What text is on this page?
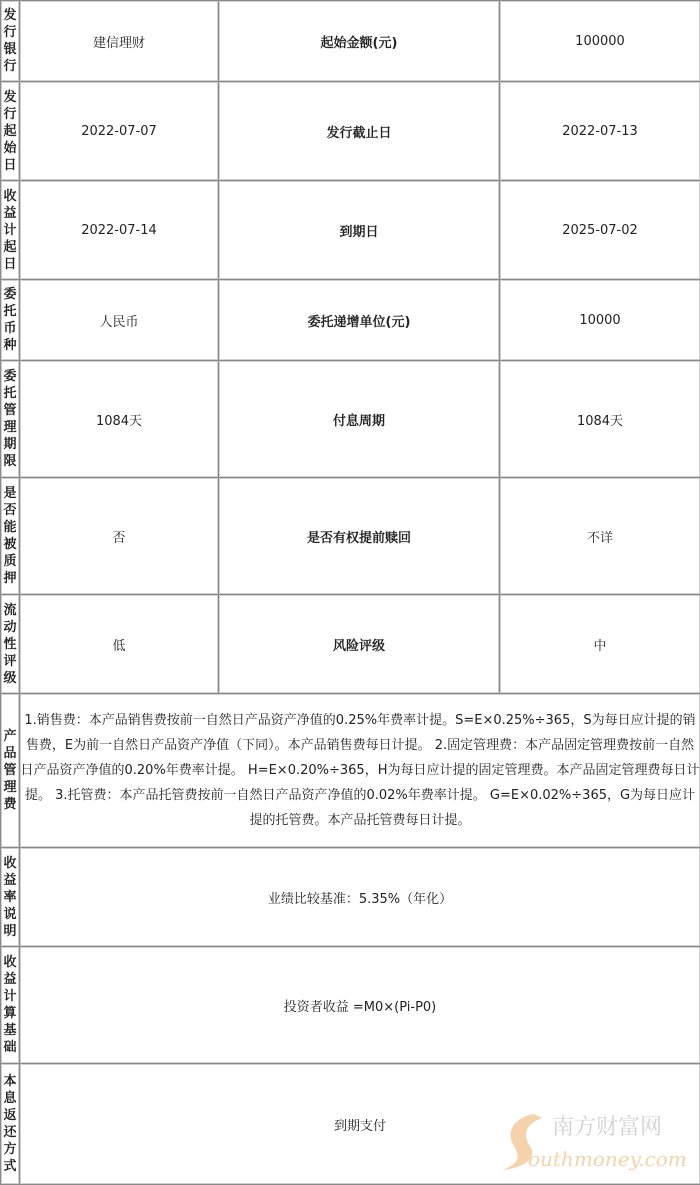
发行银行	建信理财	起始金额(元)	100000
发行起始日	2022-07-07	发行截止日	2022-07-13
收益计起日	2022-07-14	到期日	2025-07-02
委托币种	人民币	委托递增单位(元)	10000
委托管理期限	1084天	付息周期	1084天
是否能被质押	否	是否有权提前赎回	不详
流动性评级	低	风险评级	中
产品管理费	1.销售费：本产品销售费按前一自然日产品资产净值的0.25%年费率计提。S=E×0.25%÷365，S为每日应计提的销售费，E为前一自然日产品资产净值（下同）。本产品销售费每日计提。 2.固定管理费：本产品固定管理费按前一自然日产品资产净值的0.20%年费率计提。 H=E×0.20%÷365，H为每日应计提的固定管理费。本产品固定管理费每日计提。 3.托管费：本产品托管费按前一自然日产品资产净值的0.02%年费率计提。 G=E×0.02%÷365，G为每日应计提的托管费。本产品托管费每日计提。		
收益率说明	业绩比较基准：5.35%（年化）		
收益计算基础	投资者收益 =M0×(Pi-P0)		
本息返还方式	到期支付			南方财富网
outhmoney.com
